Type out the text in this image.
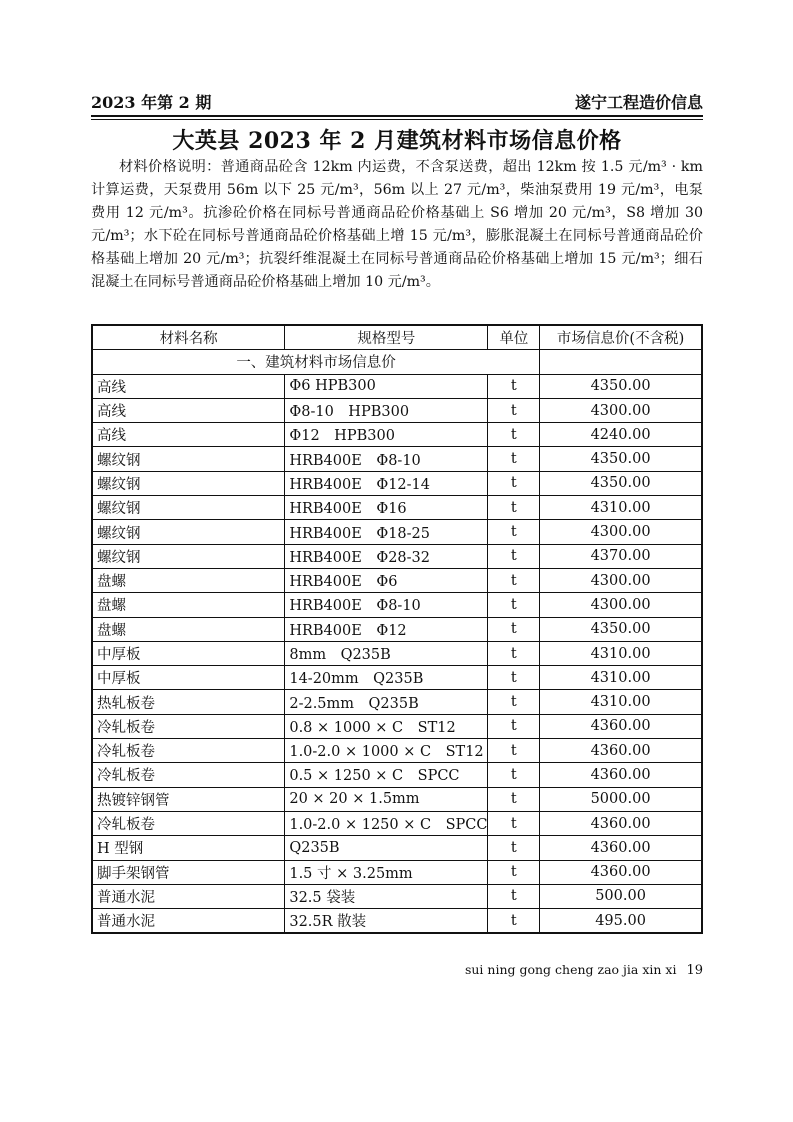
2023 年第 2 期	遂宁工程造价信息
大英县 2023 年 2 月建筑材料市场信息价格
材料价格说明：普通商品砼含 12km 内运费，不含泵送费，超出 12km 按 1.5 元/m³ · km 计算运费，天泵费用 56m 以下 25 元/m³，56m 以上 27 元/m³，柴油泵费用 19 元/m³，电泵费用 12 元/m³。抗渗砼价格在同标号普通商品砼价格基础上 S6 增加 20 元/m³，S8 增加 30 元/m³；水下砼在同标号普通商品砼价格基础上增 15 元/m³，膨胀混凝土在同标号普通商品砼价格基础上增加 20 元/m³；抗裂纤维混凝土在同标号普通商品砼价格基础上增加 15 元/m³；细石混凝土在同标号普通商品砼价格基础上增加 10 元/m³。
材料名称	规格型号	单位	市场信息价(不含税)
一、建筑材料市场信息价			
高线	Φ6 HPB300	t	4350.00
高线	Φ8-10　HPB300	t	4300.00
高线	Φ12　HPB300	t	4240.00
螺纹钢	HRB400E　Φ8-10	t	4350.00
螺纹钢	HRB400E　Φ12-14	t	4350.00
螺纹钢	HRB400E　Φ16	t	4310.00
螺纹钢	HRB400E　Φ18-25	t	4300.00
螺纹钢	HRB400E　Φ28-32	t	4370.00
盘螺	HRB400E　Φ6	t	4300.00
盘螺	HRB400E　Φ8-10	t	4300.00
盘螺	HRB400E　Φ12	t	4350.00
中厚板	8mm　Q235B	t	4310.00
中厚板	14-20mm　Q235B	t	4310.00
热轧板卷	2-2.5mm　Q235B	t	4310.00
冷轧板卷	0.8 × 1000 × C　ST12	t	4360.00
冷轧板卷	1.0-2.0 × 1000 × C　ST12	t	4360.00
冷轧板卷	0.5 × 1250 × C　SPCC	t	4360.00
热镀锌钢管	20 × 20 × 1.5mm	t	5000.00
冷轧板卷	1.0-2.0 × 1250 × C　SPCC	t	4360.00
H 型钢	Q235B	t	4360.00
脚手架钢管	1.5 寸 × 3.25mm	t	4360.00
普通水泥	32.5 袋装	t	500.00
普通水泥	32.5R 散装	t	495.00
sui ning gong cheng zao jia xin xi 19
